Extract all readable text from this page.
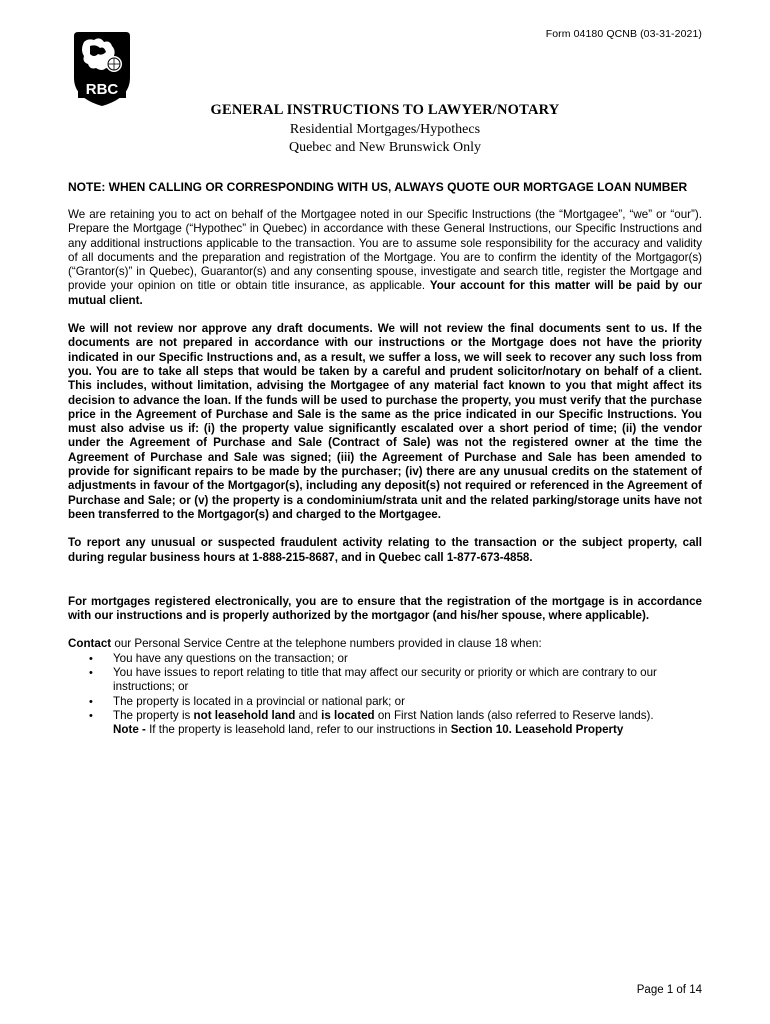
Form 04180 QCNB (03-31-2021)
RBC
GENERAL INSTRUCTIONS TO LAWYER/NOTARY
Residential Mortgages/Hypothecs
Quebec and New Brunswick Only
NOTE: WHEN CALLING OR CORRESPONDING WITH US, ALWAYS QUOTE OUR MORTGAGE LOAN NUMBER

We are retaining you to act on behalf of the Mortgagee noted in our Specific Instructions (the “Mortgagee”, “we” or “our”). Prepare the Mortgage (“Hypothec” in Quebec) in accordance with these General Instructions, our Specific Instructions and any additional instructions applicable to the transaction. You are to assume sole responsibility for the accuracy and validity of all documents and the preparation and registration of the Mortgage. You are to confirm the identity of the Mortgagor(s) (“Grantor(s)” in Quebec), Guarantor(s) and any consenting spouse, investigate and search title, register the Mortgage and provide your opinion on title or obtain title insurance, as applicable. Your account for this matter will be paid by our mutual client.

We will not review nor approve any draft documents. We will not review the final documents sent to us. If the documents are not prepared in accordance with our instructions or the Mortgage does not have the priority indicated in our Specific Instructions and, as a result, we suffer a loss, we will seek to recover any such loss from you. You are to take all steps that would be taken by a careful and prudent solicitor/notary on behalf of a client. This includes, without limitation, advising the Mortgagee of any material fact known to you that might affect its decision to advance the loan. If the funds will be used to purchase the property, you must verify that the purchase price in the Agreement of Purchase and Sale is the same as the price indicated in our Specific Instructions. You must also advise us if: (i) the property value significantly escalated over a short period of time; (ii) the vendor under the Agreement of Purchase and Sale (Contract of Sale) was not the registered owner at the time the Agreement of Purchase and Sale was signed; (iii) the Agreement of Purchase and Sale has been amended to provide for significant repairs to be made by the purchaser; (iv) there are any unusual credits on the statement of adjustments in favour of the Mortgagor(s), including any deposit(s) not required or referenced in the Agreement of Purchase and Sale; or (v) the property is a condominium/strata unit and the related parking/storage units have not been transferred to the Mortgagor(s) and charged to the Mortgagee.

To report any unusual or suspected fraudulent activity relating to the transaction or the subject property, call during regular business hours at 1-888-215-8687, and in Quebec call 1-877-673-4858.

For mortgages registered electronically, you are to ensure that the registration of the mortgage is in accordance with our instructions and is properly authorized by the mortgagor (and his/her spouse, where applicable).

Contact our Personal Service Centre at the telephone numbers provided in clause 18 when:
• You have any questions on the transaction; or
• You have issues to report relating to title that may affect our security or priority or which are contrary to our instructions; or
• The property is located in a provincial or national park; or
• The property is not leasehold land and is located on First Nation lands (also referred to Reserve lands).
Note - If the property is leasehold land, refer to our instructions in Section 10. Leasehold Property
Page 1 of 14
